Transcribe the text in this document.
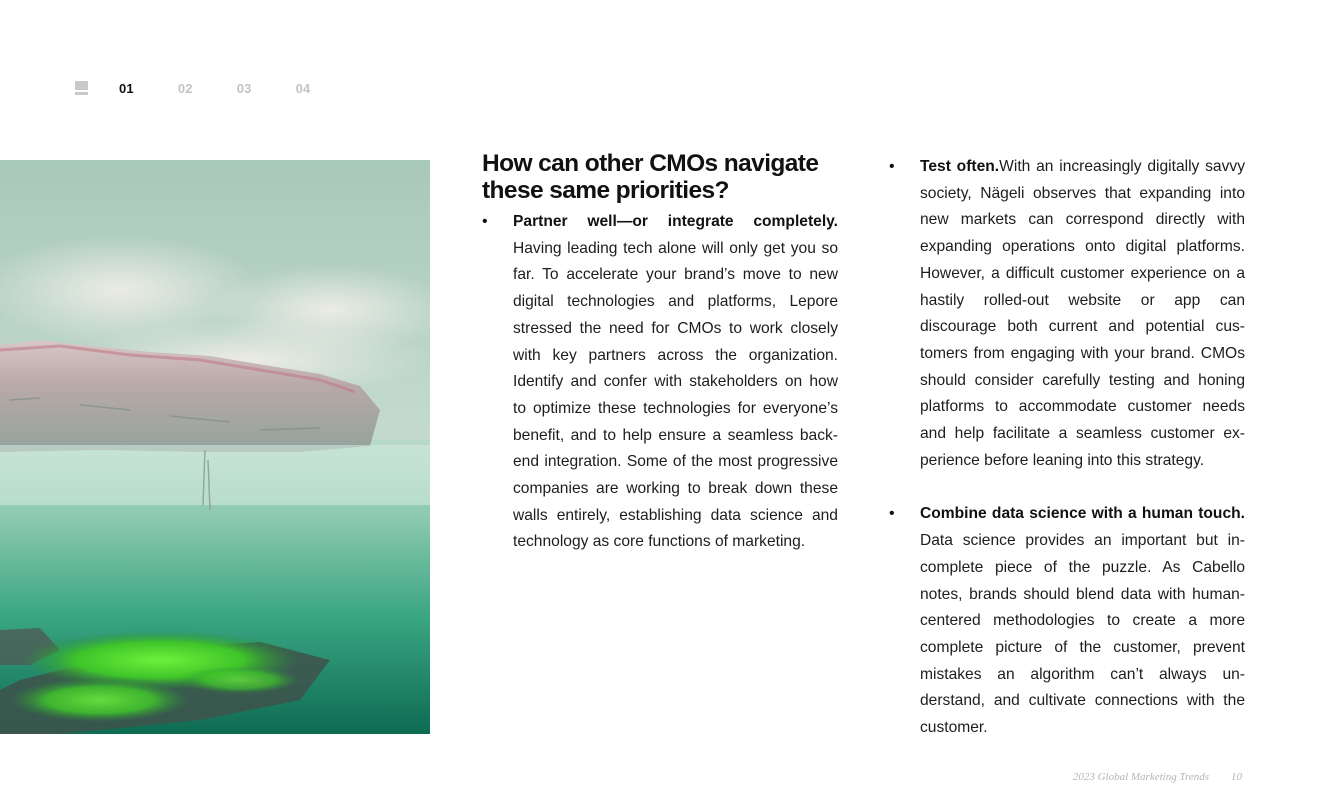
01	02	03	04
How can other CMOs navigate these same priorities?
• Partner well—or integrate completely. Having leading tech alone will only get you so far. To accelerate your brand’s move to new digital technologies and platforms, Lepore stressed the need for CMOs to work closely with key partners across the organization. Identify and confer with stakeholders on how to optimize these technologies for everyone’s benefit, and to help ensure a seamless backend integration. Some of the most progressive companies are working to break down these walls entirely, establishing data science and technology as core functions of marketing.

• Test often.With an increasingly digitally savvy society, Nägeli observes that expanding into new markets can correspond directly with expanding operations onto digital platforms. However, a difficult customer experience on a hastily rolled-out website or app can discourage both current and potential customers from engaging with your brand. CMOs should consider carefully testing and honing platforms to accommodate customer needs and help facilitate a seamless customer experience before leaning into this strategy.

• Combine data science with a human touch. Data science provides an important but incomplete piece of the puzzle. As Cabello notes, brands should blend data with human-centered methodologies to create a more complete picture of the customer, prevent mistakes an algorithm can’t always understand, and cultivate connections with the customer.

2023 Global Marketing Trends 10
